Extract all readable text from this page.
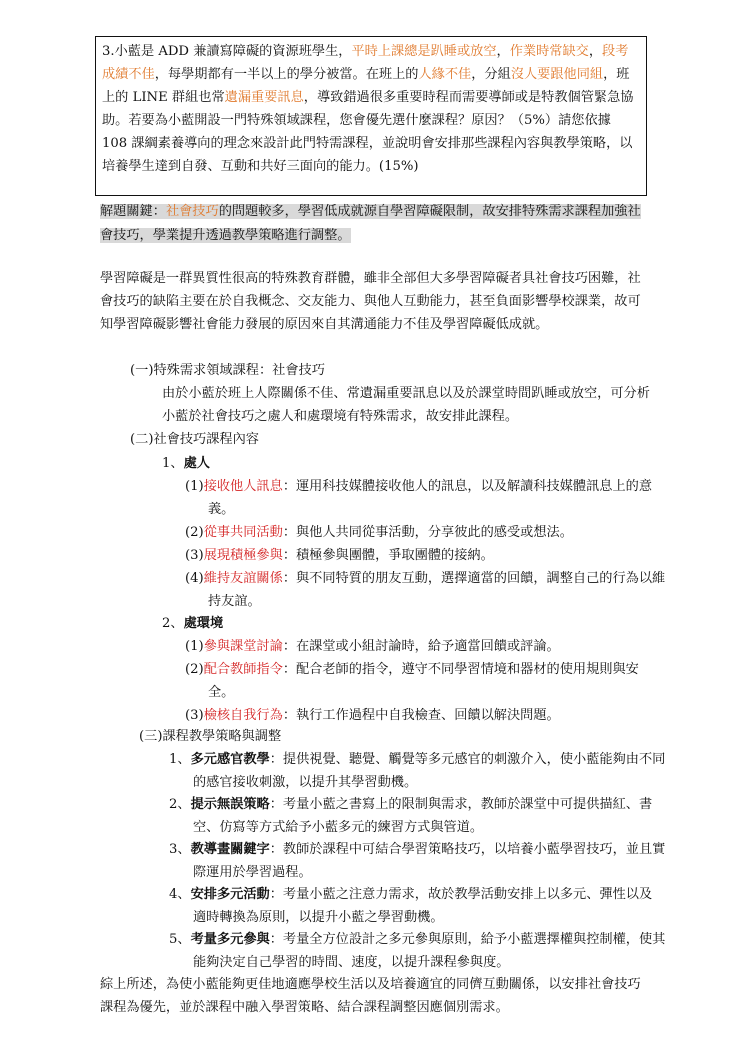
3.小藍是 ADD 兼讀寫障礙的資源班學生，平時上課總是趴睡或放空，作業時常缺交，段考成績不佳，每學期都有一半以上的學分被當。在班上的人緣不佳，分組沒人要跟他同組，班上的 LINE 群組也常遺漏重要訊息，導致錯過很多重要時程而需要導師或是特教個管緊急協助。若要為小藍開設一門特殊領域課程，您會優先選什麼課程？原因？（5%）請您依據 108 課綱素養導向的理念來設計此門特需課程，並說明會安排那些課程內容與教學策略，以培養學生達到自發、互動和共好三面向的能力。(15%)

解題關鍵：社會技巧的問題較多，學習低成就源自學習障礙限制，故安排特殊需求課程加強社會技巧，學業提升透過教學策略進行調整。

學習障礙是一群異質性很高的特殊教育群體，雖非全部但大多學習障礙者具社會技巧困難，社會技巧的缺陷主要在於自我概念、交友能力、與他人互動能力，甚至負面影響學校課業，故可知學習障礙影響社會能力發展的原因來自其溝通能力不佳及學習障礙低成就。

(一)特殊需求領域課程：社會技巧

由於小藍於班上人際關係不佳、常遺漏重要訊息以及於課堂時間趴睡或放空，可分析小藍於社會技巧之處人和處環境有特殊需求，故安排此課程。

(二)社會技巧課程內容

1、處人

(1)接收他人訊息：運用科技媒體接收他人的訊息，以及解讀科技媒體訊息上的意義。
(2)從事共同活動：與他人共同從事活動，分享彼此的感受或想法。
(3)展現積極參與：積極參與團體，爭取團體的接納。
(4)維持友誼關係：與不同特質的朋友互動，選擇適當的回饋，調整自己的行為以維持友誼。

2、處環境

(1)參與課堂討論：在課堂或小組討論時，給予適當回饋或評論。
(2)配合教師指令：配合老師的指令，遵守不同學習情境和器材的使用規則與安全。
(3)檢核自我行為：執行工作過程中自我檢查、回饋以解決問題。

(三)課程教學策略與調整

1、多元感官教學：提供視覺、聽覺、觸覺等多元感官的刺激介入，使小藍能夠由不同的感官接收刺激，以提升其學習動機。
2、提示無誤策略：考量小藍之書寫上的限制與需求，教師於課堂中可提供描紅、書空、仿寫等方式給予小藍多元的練習方式與管道。
3、教導畫關鍵字：教師於課程中可結合學習策略技巧，以培養小藍學習技巧，並且實際運用於學習過程。
4、安排多元活動：考量小藍之注意力需求，故於教學活動安排上以多元、彈性以及適時轉換為原則，以提升小藍之學習動機。
5、考量多元參與：考量全方位設計之多元參與原則，給予小藍選擇權與控制權，使其能夠決定自己學習的時間、速度，以提升課程參與度。

綜上所述，為使小藍能夠更佳地適應學校生活以及培養適宜的同儕互動關係，以安排社會技巧課程為優先，並於課程中融入學習策略、結合課程調整因應個別需求。
